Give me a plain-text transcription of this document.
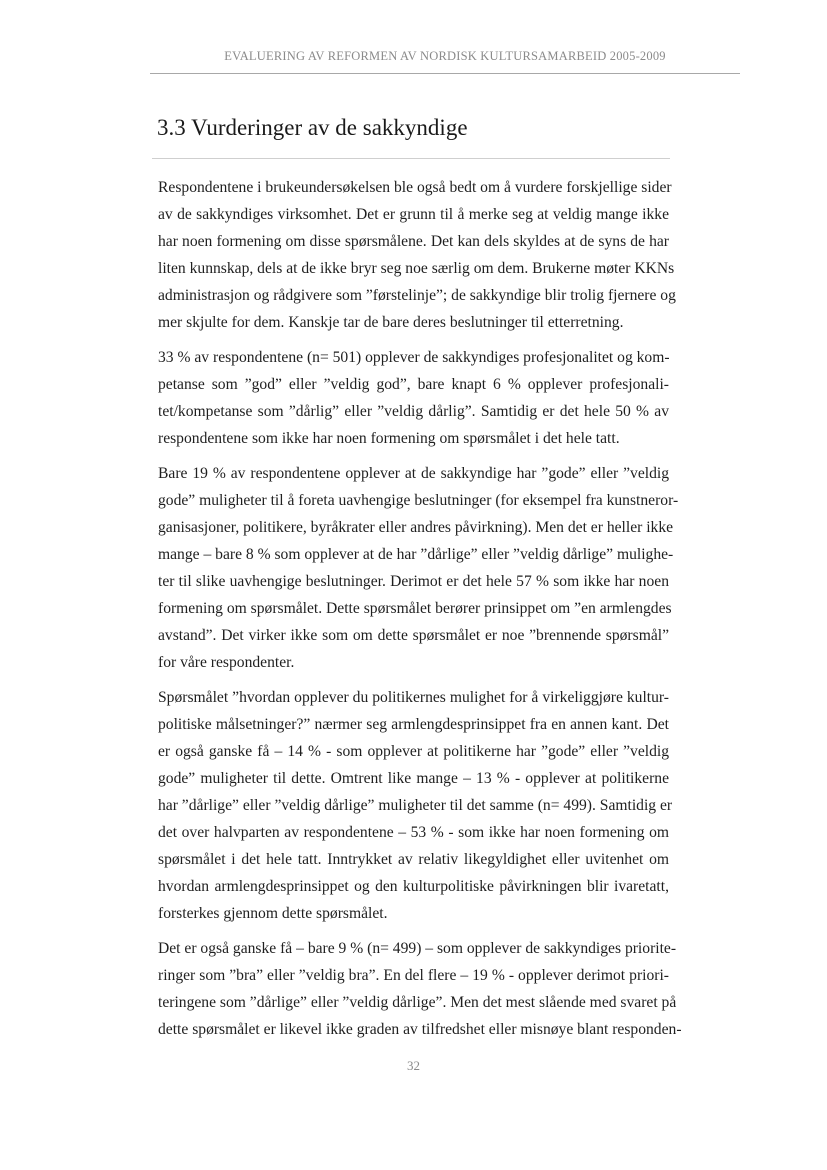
EVALUERING AV REFORMEN AV NORDISK KULTURSAMARBEID 2005-2009
3.3 Vurderinger av de sakkyndige
Respondentene i brukeundersøkelsen ble også bedt om å vurdere forskjellige sider
av de sakkyndiges virksomhet. Det er grunn til å merke seg at veldig mange ikke
har noen formening om disse spørsmålene. Det kan dels skyldes at de syns de har
liten kunnskap, dels at de ikke bryr seg noe særlig om dem. Brukerne møter KKNs
administrasjon og rådgivere som ”førstelinje”; de sakkyndige blir trolig fjernere og
mer skjulte for dem. Kanskje tar de bare deres beslutninger til etterretning.
33 % av respondentene (n= 501) opplever de sakkyndiges profesjonalitet og kom-
petanse som ”god” eller ”veldig god”, bare knapt 6 % opplever profesjonali-
tet/kompetanse som ”dårlig” eller ”veldig dårlig”. Samtidig er det hele 50 % av
respondentene som ikke har noen formening om spørsmålet i det hele tatt.
Bare 19 % av respondentene opplever at de sakkyndige har ”gode” eller ”veldig
gode” muligheter til å foreta uavhengige beslutninger (for eksempel fra kunstneror-
ganisasjoner, politikere, byråkrater eller andres påvirkning). Men det er heller ikke
mange – bare 8 % som opplever at de har ”dårlige” eller ”veldig dårlige” mulighe-
ter til slike uavhengige beslutninger. Derimot er det hele 57 % som ikke har noen
formening om spørsmålet. Dette spørsmålet berører prinsippet om ”en armlengdes
avstand”. Det virker ikke som om dette spørsmålet er noe ”brennende spørsmål”
for våre respondenter.
Spørsmålet ”hvordan opplever du politikernes mulighet for å virkeliggjøre kultur-
politiske målsetninger?” nærmer seg armlengdesprinsippet fra en annen kant. Det
er også ganske få – 14 % - som opplever at politikerne har ”gode” eller ”veldig
gode” muligheter til dette. Omtrent like mange – 13 % - opplever at politikerne
har ”dårlige” eller ”veldig dårlige” muligheter til det samme (n= 499). Samtidig er
det over halvparten av respondentene – 53 % - som ikke har noen formening om
spørsmålet i det hele tatt. Inntrykket av relativ likegyldighet eller uvitenhet om
hvordan armlengdesprinsippet og den kulturpolitiske påvirkningen blir ivaretatt,
forsterkes gjennom dette spørsmålet.
Det er også ganske få – bare 9 % (n= 499) – som opplever de sakkyndiges priorite-
ringer som ”bra” eller ”veldig bra”. En del flere – 19 % - opplever derimot priori-
teringene som ”dårlige” eller ”veldig dårlige”. Men det mest slående med svaret på
dette spørsmålet er likevel ikke graden av tilfredshet eller misnøye blant responden-
32
